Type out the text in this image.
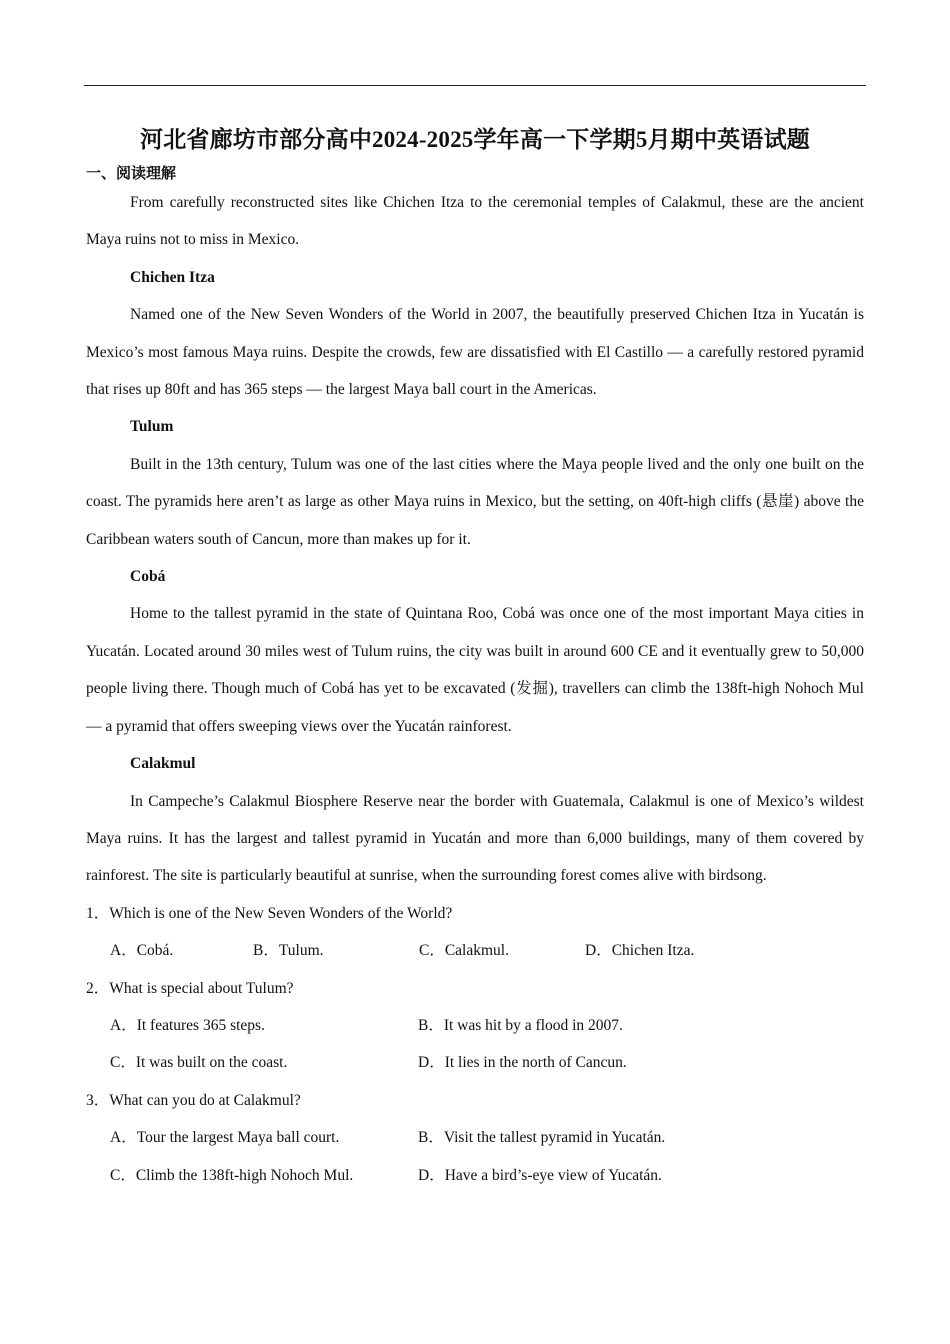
河北省廊坊市部分高中2024-2025学年高一下学期5月期中英语试题
一、阅读理解

From carefully reconstructed sites like Chichen Itza to the ceremonial temples of Calakmul, these are the ancient Maya ruins not to miss in Mexico.

Chichen Itza

Named one of the New Seven Wonders of the World in 2007, the beautifully preserved Chichen Itza in Yucatán is Mexico’s most famous Maya ruins. Despite the crowds, few are dissatisfied with El Castillo — a carefully restored pyramid that rises up 80ft and has 365 steps — the largest Maya ball court in the Americas.

Tulum

Built in the 13th century, Tulum was one of the last cities where the Maya people lived and the only one built on the coast. The pyramids here aren’t as large as other Maya ruins in Mexico, but the setting, on 40ft-high cliffs (悬崖) above the Caribbean waters south of Cancun, more than makes up for it.

Cobá

Home to the tallest pyramid in the state of Quintana Roo, Cobá was once one of the most important Maya cities in Yucatán. Located around 30 miles west of Tulum ruins, the city was built in around 600 CE and it eventually grew to 50,000 people living there. Though much of Cobá has yet to be excavated (发掘), travellers can climb the 138ft-high Nohoch Mul — a pyramid that offers sweeping views over the Yucatán rainforest.

Calakmul

In Campeche’s Calakmul Biosphere Reserve near the border with Guatemala, Calakmul is one of Mexico’s wildest Maya ruins. It has the largest and tallest pyramid in Yucatán and more than 6,000 buildings, many of them covered by rainforest. The site is particularly beautiful at sunrise, when the surrounding forest comes alive with birdsong.

1．Which is one of the New Seven Wonders of the World?
A．Cobá.	B．Tulum.	C．Calakmul.	D．Chichen Itza.
2．What is special about Tulum?
A．It features 365 steps.	B．It was hit by a flood in 2007.
C．It was built on the coast.	D．It lies in the north of Cancun.
3．What can you do at Calakmul?
A．Tour the largest Maya ball court.	B．Visit the tallest pyramid in Yucatán.
C．Climb the 138ft-high Nohoch Mul.	D．Have a bird’s-eye view of Yucatán.
